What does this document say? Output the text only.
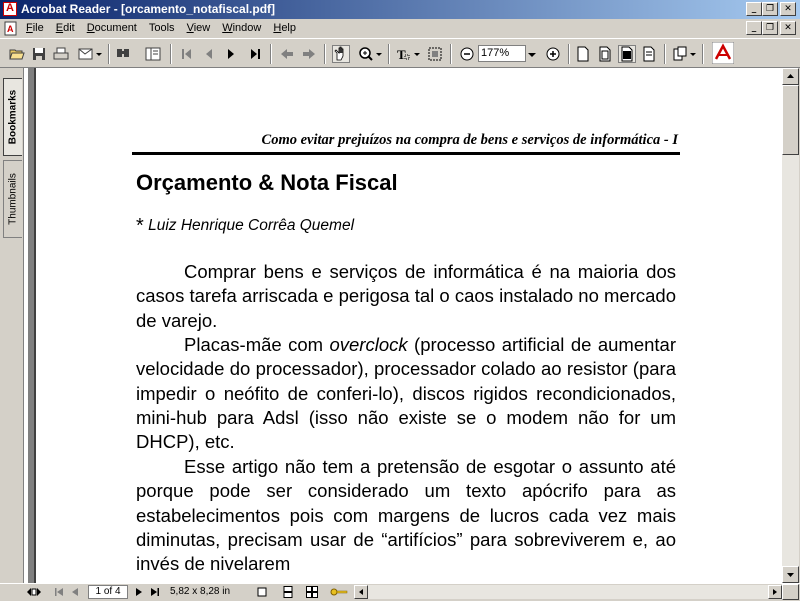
A
Acrobat Reader - [orcamento_notafiscal.pdf]	_	❐	✕
A	File	Edit	Document	Tools	View	Window	Help	_	❐	✕
T	177%
Bookmarks
Thumbnails
Como evitar prejuízos na compra de bens e serviços de informática - I
Orçamento & Nota Fiscal
* Luiz Henrique Corrêa Quemel
Comprar bens e serviços de informática é na maioria dos casos tarefa arriscada e perigosa tal o caos instalado no mercado de varejo.
Placas-mãe com overclock (processo artificial de aumentar velocidade do processador), processador colado ao resistor (para impedir o neófito de conferi-lo), discos rigidos recondicionados, mini-hub para Adsl (isso não existe se o modem não for um DHCP), etc.
Esse artigo não tem a pretensão de esgotar o assunto até porque pode ser considerado um texto apócrifo para as estabelecimentos pois com margens de lucros cada vez mais diminutas, precisam usar de “artifícios” para sobreviverem e, ao invés de nivelarem
1 of 4	5,82 x 8,28 in
